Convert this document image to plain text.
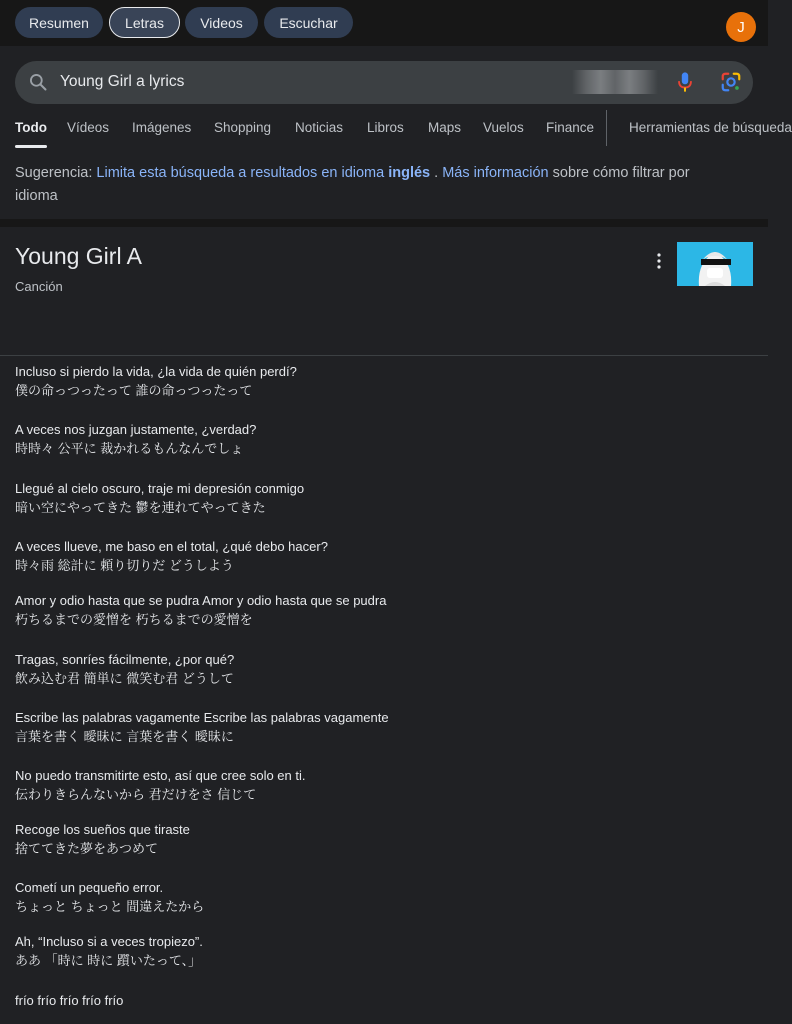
Resumen	Letras	Videos	Escuchar	J
Young Girl a lyrics
Todo Vídeos Imágenes Shopping Noticias Libros Maps Vuelos Finance	Herramientas de búsqueda
Sugerencia: Limita esta búsqueda a resultados en idioma inglés . Más información sobre cómo filtrar por idioma
Young Girl A
Canción
Incluso si pierdo la vida, ¿la vida de quién perdí?
僕の命っつったって 誰の命っつったって
A veces nos juzgan justamente, ¿verdad?
時時々 公平に 裁かれるもんなんでしょ
Llegué al cielo oscuro, traje mi depresión conmigo
暗い空にやってきた 鬱を連れてやってきた
A veces llueve, me baso en el total, ¿qué debo hacer?
時々雨 総計に 頼り切りだ どうしよう
Amor y odio hasta que se pudra Amor y odio hasta que se pudra
朽ちるまでの愛憎を 朽ちるまでの愛憎を
Tragas, sonríes fácilmente, ¿por qué?
飲み込む君 簡単に 微笑む君 どうして
Escribe las palabras vagamente Escribe las palabras vagamente
言葉を書く 曖昧に 言葉を書く 曖昧に
No puedo transmitirte esto, así que cree solo en ti.
伝わりきらんないから 君だけをさ 信じて
Recoge los sueños que tiraste
捨ててきた夢をあつめて
Cometí un pequeño error.
ちょっと ちょっと 間違えたから
Ah, “Incluso si a veces tropiezo”.
ああ 「時に 時に 躓いたって、」
frío frío frío frío frío
